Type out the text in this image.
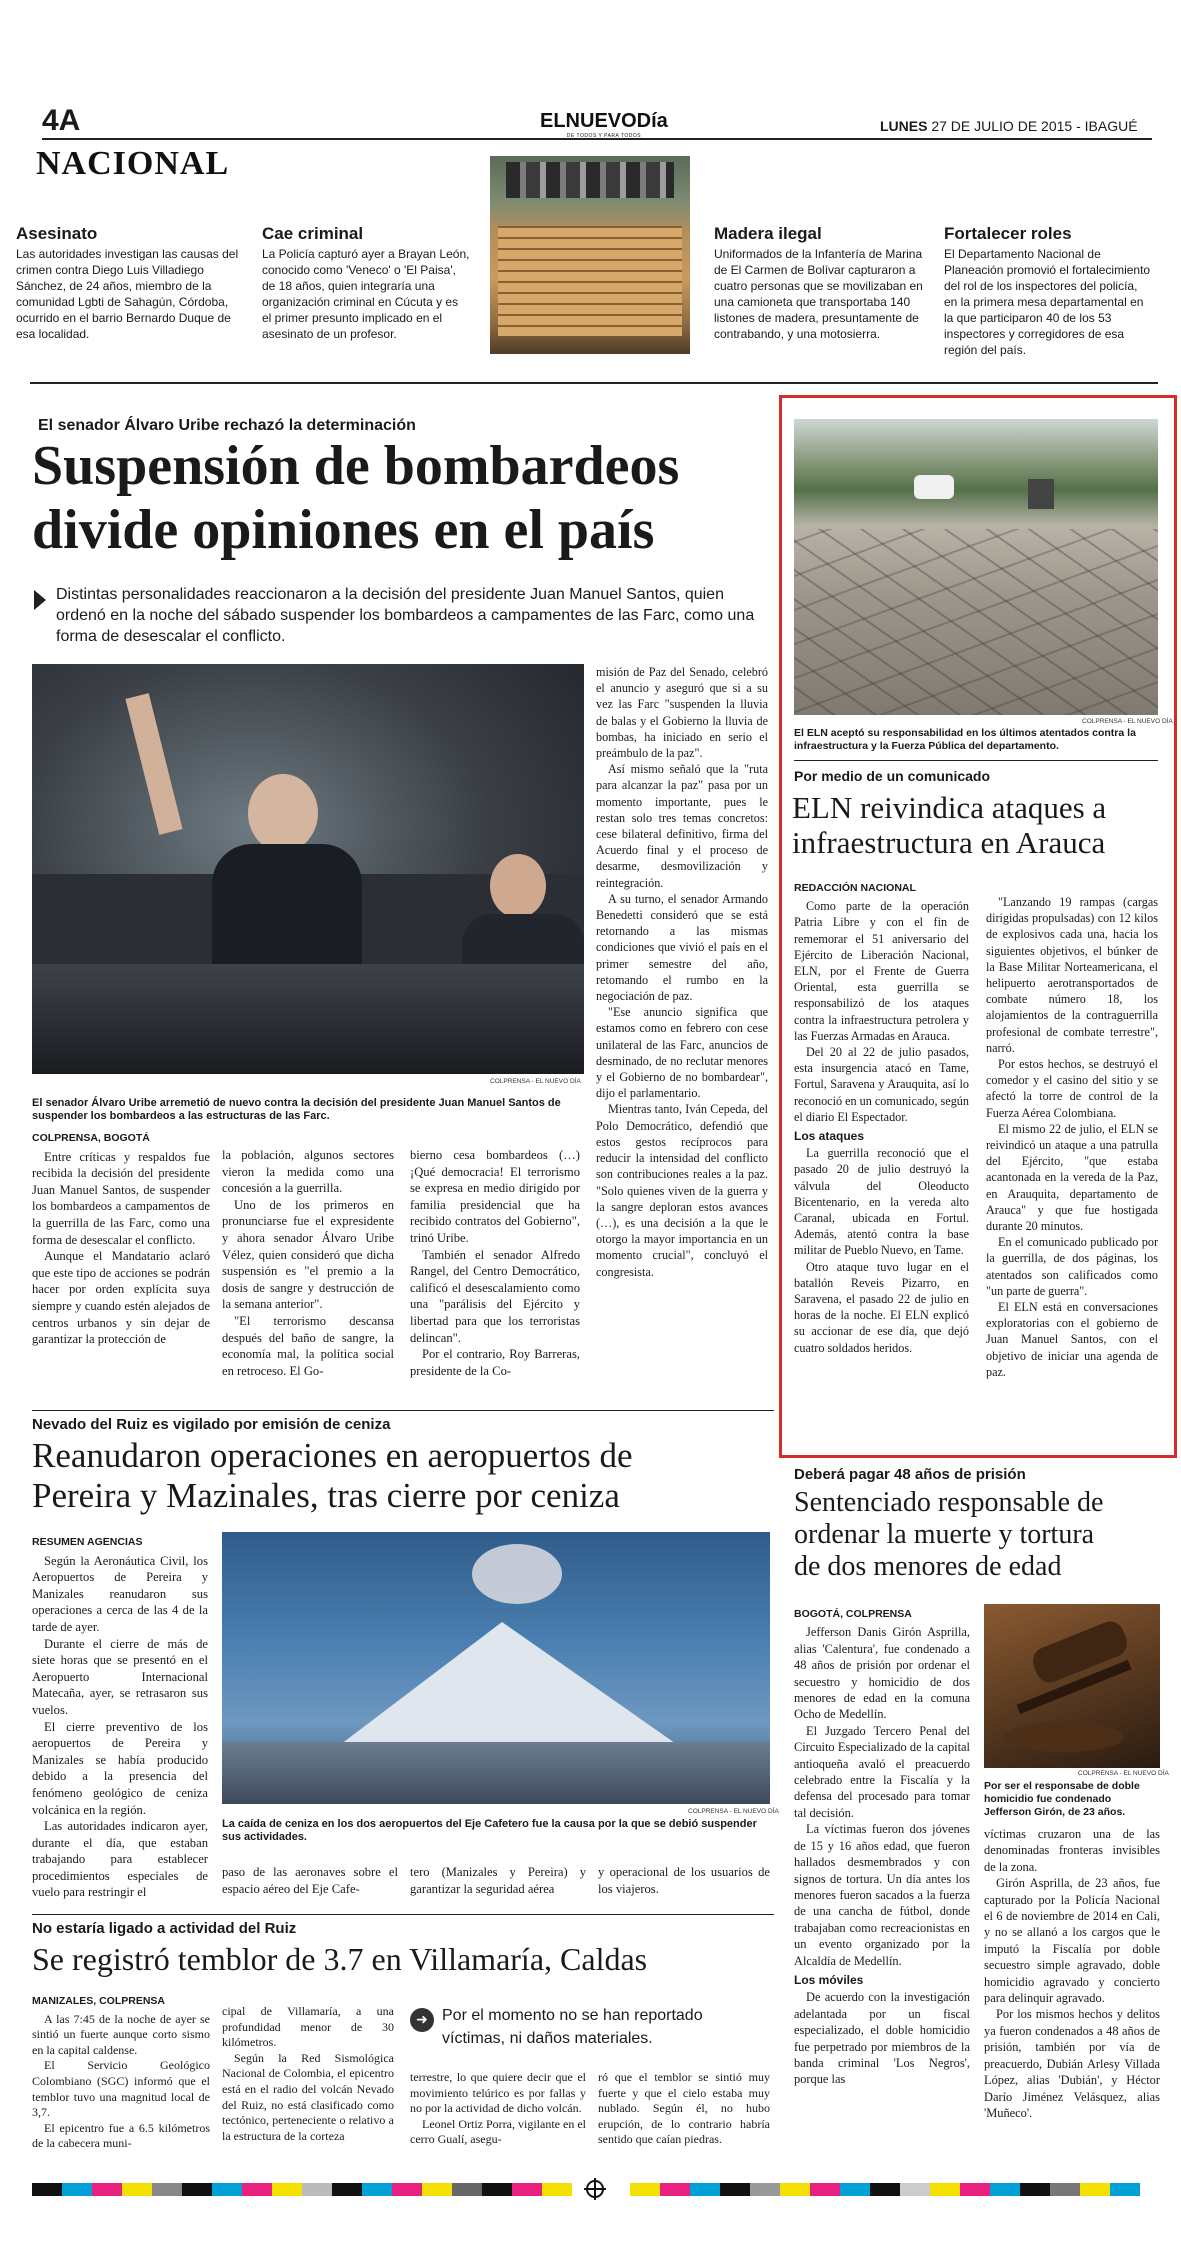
4A
NACIONAL
ELNUEVODía
DE TODOS Y PARA TODOS
LUNES 27 DE JULIO DE 2015 - IBAGUÉ
Asesinato

Las autoridades investigan las causas del crimen contra Diego Luis Villadiego Sánchez, de 24 años, miembro de la comunidad Lgbti de Sahagún, Córdoba, ocurrido en el barrio Bernardo Duque de esa localidad.

Cae criminal

La Policía capturó ayer a Brayan León, conocido como 'Veneco' o 'El Paisa', de 18 años, quien integraría una organización criminal en Cúcuta y es el primer presunto implicado en el asesinato de un profesor.

Madera ilegal

Uniformados de la Infantería de Marina de El Carmen de Bolívar capturaron a cuatro personas que se movilizaban en una camioneta que transportaba 140 listones de madera, presuntamente de contrabando, y una motosierra.

Fortalecer roles

El Departamento Nacional de Planeación promovió el fortalecimiento del rol de los inspectores del policía, en la primera mesa departamental en la que participaron 40 de los 53 inspectores y corregidores de esa región del país.

El senador Álvaro Uribe rechazó la determinación
Suspensión de bombardeos
divide opiniones en el país
Distintas personalidades reaccionaron a la decisión del presidente Juan Manuel Santos, quien ordenó en la noche del sábado suspender los bombardeos a campamentes de las Farc, como una forma de desescalar el conflicto.
COLPRENSA - EL NUEVO DÍA
El senador Álvaro Uribe arremetió de nuevo contra la decisión del presidente Juan Manuel Santos de suspender los bombardeos a las estructuras de las Farc.
COLPRENSA, BOGOTÁ
Entre críticas y respaldos fue recibida la decisión del presidente Juan Manuel Santos, de suspender los bombardeos a campamentos de la guerrilla de las Farc, como una forma de desescalar el conflicto.
Aunque el Mandatario aclaró que este tipo de acciones se podrán hacer por orden explícita suya siempre y cuando estén alejados de centros urbanos y sin dejar de garantizar la protección de
la población, algunos sectores vieron la medida como una concesión a la guerrilla.
Uno de los primeros en pronunciarse fue el expresidente y ahora senador Álvaro Uribe Vélez, quien consideró que dicha suspensión es "el premio a la dosis de sangre y destrucción de la semana anterior".
"El terrorismo descansa después del baño de sangre, la economía mal, la política social en retroceso. El Go-
bierno cesa bombardeos (…) ¡Qué democracia! El terrorismo se expresa en medio dirigido por familia presidencial que ha recibido contratos del Gobierno", trinó Uribe.
También el senador Alfredo Rangel, del Centro Democrático, calificó el desescalamiento como una "parálisis del Ejército y libertad para que los terroristas delincan".
Por el contrario, Roy Barreras, presidente de la Co-
misión de Paz del Senado, celebró el anuncio y aseguró que si a su vez las Farc "suspenden la lluvia de balas y el Gobierno la lluvia de bombas, ha iniciado en serio el preámbulo de la paz".
Así mismo señaló que la "ruta para alcanzar la paz" pasa por un momento importante, pues le restan solo tres temas concretos: cese bilateral definitivo, firma del Acuerdo final y el proceso de desarme, desmovilización y reintegración.
A su turno, el senador Armando Benedetti consideró que se está retornando a las mismas condiciones que vivió el país en el primer semestre del año, retomando el rumbo en la negociación de paz.
"Ese anuncio significa que estamos como en febrero con cese unilateral de las Farc, anuncios de desminado, de no reclutar menores y el Gobierno de no bombardear", dijo el parlamentario.
Mientras tanto, Iván Cepeda, del Polo Democrático, defendió que estos gestos recíprocos para reducir la intensidad del conflicto son contribuciones reales a la paz. "Solo quienes viven de la guerra y la sangre deploran estos avances (…), es una decisión a la que le otorgo la mayor importancia en un momento crucial", concluyó el congresista.
COLPRENSA - EL NUEVO DÍA
El ELN aceptó su responsabilidad en los últimos atentados contra la infraestructura y la Fuerza Pública del departamento.
Por medio de un comunicado
ELN reivindica ataques a
infraestructura en Arauca
REDACCIÓN NACIONAL
Como parte de la operación Patria Libre y con el fin de rememorar el 51 aniversario del Ejército de Liberación Nacional, ELN, por el Frente de Guerra Oriental, esta guerrilla se responsabilizó de los ataques contra la infraestructura petrolera y las Fuerzas Armadas en Arauca.
Del 20 al 22 de julio pasados, esta insurgencia atacó en Tame, Fortul, Saravena y Arauquita, así lo reconoció en un comunicado, según el diario El Espectador.
Los ataques
La guerrilla reconoció que el pasado 20 de julio destruyó la válvula del Oleoducto Bicentenario, en la vereda alto Caranal, ubicada en Fortul. Además, atentó contra la base militar de Pueblo Nuevo, en Tame.
Otro ataque tuvo lugar en el batallón Reveis Pizarro, en Saravena, el pasado 22 de julio en horas de la noche. El ELN explicó su accionar de ese día, que dejó cuatro soldados heridos.
"Lanzando 19 rampas (cargas dirigidas propulsadas) con 12 kilos de explosivos cada una, hacia los siguientes objetivos, el búnker de la Base Militar Norteamericana, el helipuerto aerotransportados de combate número 18, los alojamientos de la contraguerrilla profesional de combate terrestre", narró.
Por estos hechos, se destruyó el comedor y el casino del sitio y se afectó la torre de control de la Fuerza Aérea Colombiana.
El mismo 22 de julio, el ELN se reivindicó un ataque a una patrulla del Ejército, "que estaba acantonada en la vereda de la Paz, en Arauquita, departamento de Arauca" y que fue hostigada durante 20 minutos.
En el comunicado publicado por la guerrilla, de dos páginas, los atentados son calificados como "un parte de guerra".
El ELN está en conversaciones exploratorias con el gobierno de Juan Manuel Santos, con el objetivo de iniciar una agenda de paz.
Nevado del Ruiz es vigilado por emisión de ceniza
Reanudaron operaciones en aeropuertos de
Pereira y Mazinales, tras cierre por ceniza
RESUMEN AGENCIAS
Según la Aeronáutica Civil, los Aeropuertos de Pereira y Manizales reanudaron sus operaciones a cerca de las 4 de la tarde de ayer.
Durante el cierre de más de siete horas que se presentó en el Aeropuerto Internacional Matecaña, ayer, se retrasaron sus vuelos.
El cierre preventivo de los aeropuertos de Pereira y Manizales se había producido debido a la presencia del fenómeno geológico de ceniza volcánica en la región.
Las autoridades indicaron ayer, durante el día, que estaban trabajando para establecer procedimientos especiales de vuelo para restringir el
COLPRENSA - EL NUEVO DÍA
La caída de ceniza en los dos aeropuertos del Eje Cafetero fue la causa por la que se debió suspender sus actividades.
paso de las aeronaves sobre el espacio aéreo del Eje Cafe-
tero (Manizales y Pereira) y garantizar la seguridad aérea
y operacional de los usuarios de los viajeros.
Deberá pagar 48 años de prisión
Sentenciado responsable de
ordenar la muerte y tortura
de dos menores de edad
BOGOTÁ, COLPRENSA
Jefferson Danis Girón Asprilla, alias 'Calentura', fue condenado a 48 años de prisión por ordenar el secuestro y homicidio de dos menores de edad en la comuna Ocho de Medellín.
El Juzgado Tercero Penal del Circuito Especializado de la capital antioqueña avaló el preacuerdo celebrado entre la Fiscalía y la defensa del procesado para tomar tal decisión.
La víctimas fueron dos jóvenes de 15 y 16 años edad, que fueron hallados desmembrados y con signos de tortura. Un día antes los menores fueron sacados a la fuerza de una cancha de fútbol, donde trabajaban como recreacionistas en un evento organizado por la Alcaldía de Medellín.
Los móviles
De acuerdo con la investigación adelantada por un fiscal especializado, el doble homicidio fue perpetrado por miembros de la banda criminal 'Los Negros', porque las
COLPRENSA - EL NUEVO DÍA
Por ser el responsabe de doble homicidio fue condenado Jefferson Girón, de 23 años.
víctimas cruzaron una de las denominadas fronteras invisibles de la zona.
Girón Asprilla, de 23 años, fue capturado por la Policía Nacional el 6 de noviembre de 2014 en Cali, y no se allanó a los cargos que le imputó la Fiscalía por doble secuestro simple agravado, doble homicidio agravado y concierto para delinquir agravado.
Por los mismos hechos y delitos ya fueron condenados a 48 años de prisión, también por vía de preacuerdo, Dubián Arlesy Villada López, alias 'Dubián', y Héctor Darío Jiménez Velásquez, alias 'Muñeco'.
No estaría ligado a actividad del Ruiz
Se registró temblor de 3.7 en Villamaría, Caldas
MANIZALES, COLPRENSA
A las 7:45 de la noche de ayer se sintió un fuerte aunque corto sismo en la capital caldense.
El Servicio Geológico Colombiano (SGC) informó que el temblor tuvo una magnitud local de 3,7.
El epicentro fue a 6.5 kilómetros de la cabecera muni-
cipal de Villamaría, a una profundidad menor de 30 kilómetros.
Según la Red Sismológica Nacional de Colombia, el epicentro está en el radio del volcán Nevado del Ruiz, no está clasificado como tectónico, perteneciente o relativo a la estructura de la corteza
➜ Por el momento no se han reportado víctimas, ni daños materiales.
terrestre, lo que quiere decir que el movimiento telúrico es por fallas y no por la actividad de dicho volcán.
Leonel Ortiz Porra, vigilante en el cerro Gualí, asegu-
ró que el temblor se sintió muy fuerte y que el cielo estaba muy nublado. Según él, no hubo erupción, de lo contrario habría sentido que caían piedras.
